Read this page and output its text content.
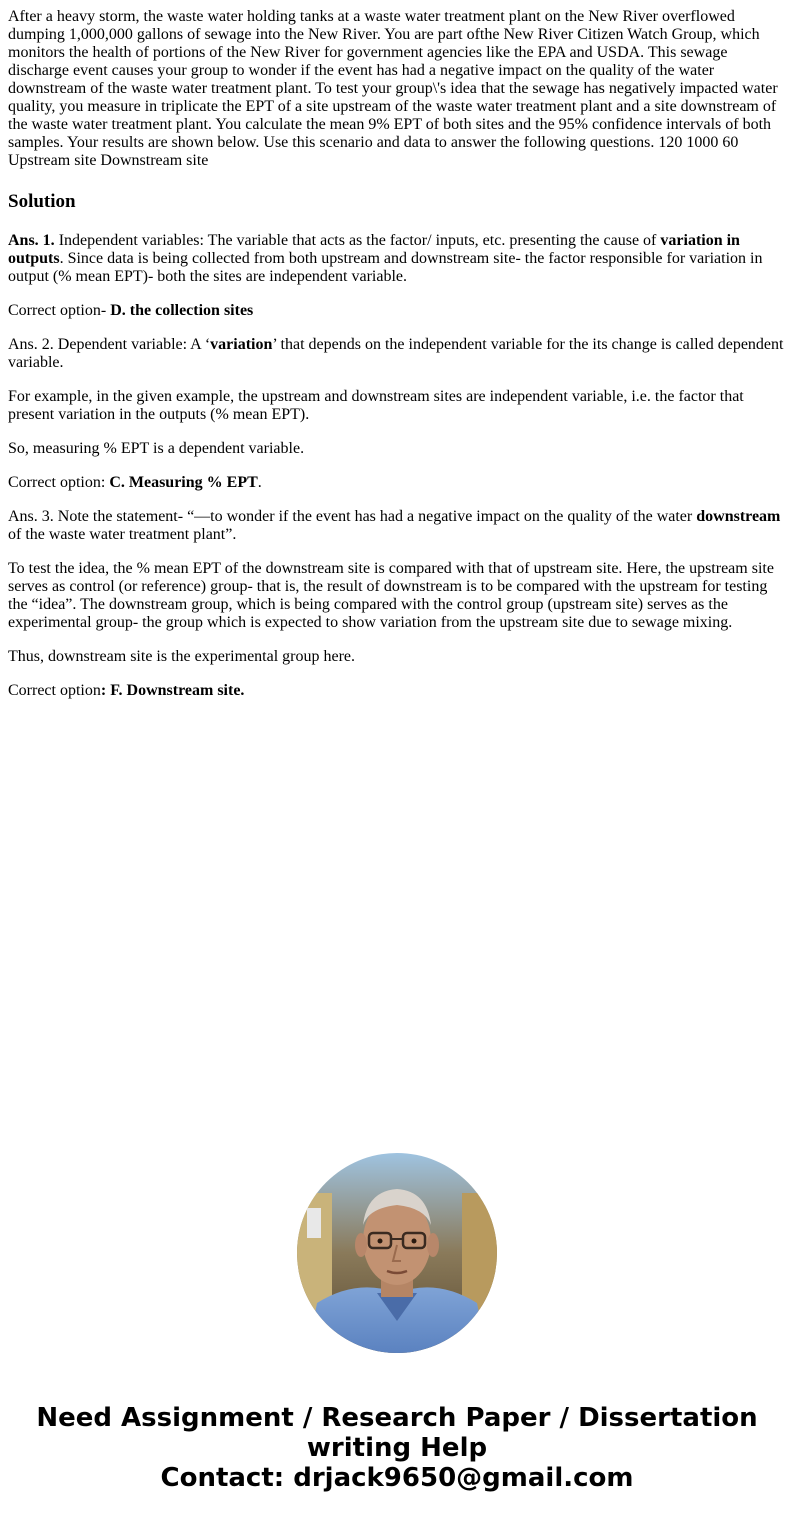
After a heavy storm, the waste water holding tanks at a waste water treatment plant on the New River overflowed dumping 1,000,000 gallons of sewage into the New River. You are part ofthe New River Citizen Watch Group, which monitors the health of portions of the New River for government agencies like the EPA and USDA. This sewage discharge event causes your group to wonder if the event has had a negative impact on the quality of the water downstream of the waste water treatment plant. To test your group\'s idea that the sewage has negatively impacted water quality, you measure in triplicate the EPT of a site upstream of the waste water treatment plant and a site downstream of the waste water treatment plant. You calculate the mean 9% EPT of both sites and the 95% confidence intervals of both samples. Your results are shown below. Use this scenario and data to answer the following questions. 120 1000 60 Upstream site Downstream site

Solution

Ans. 1. Independent variables: The variable that acts as the factor/ inputs, etc. presenting the cause of variation in outputs. Since data is being collected from both upstream and downstream site- the factor responsible for variation in output (% mean EPT)- both the sites are independent variable.

Correct option- D. the collection sites

Ans. 2. Dependent variable: A ‘variation’ that depends on the independent variable for the its change is called dependent variable.

For example, in the given example, the upstream and downstream sites are independent variable, i.e. the factor that present variation in the outputs (% mean EPT).

So, measuring % EPT is a dependent variable.

Correct option: C. Measuring % EPT.

Ans. 3. Note the statement- “—to wonder if the event has had a negative impact on the quality of the water downstream of the waste water treatment plant”.

To test the idea, the % mean EPT of the downstream site is compared with that of upstream site. Here, the upstream site serves as control (or reference) group- that is, the result of downstream is to be compared with the upstream for testing the “idea”. The downstream group, which is being compared with the control group (upstream site) serves as the experimental group- the group which is expected to show variation from the upstream site due to sewage mixing.

Thus, downstream site is the experimental group here.

Correct option: F. Downstream site.

Need Assignment / Research Paper / Dissertation
writing Help
Contact: drjack9650@gmail.com
